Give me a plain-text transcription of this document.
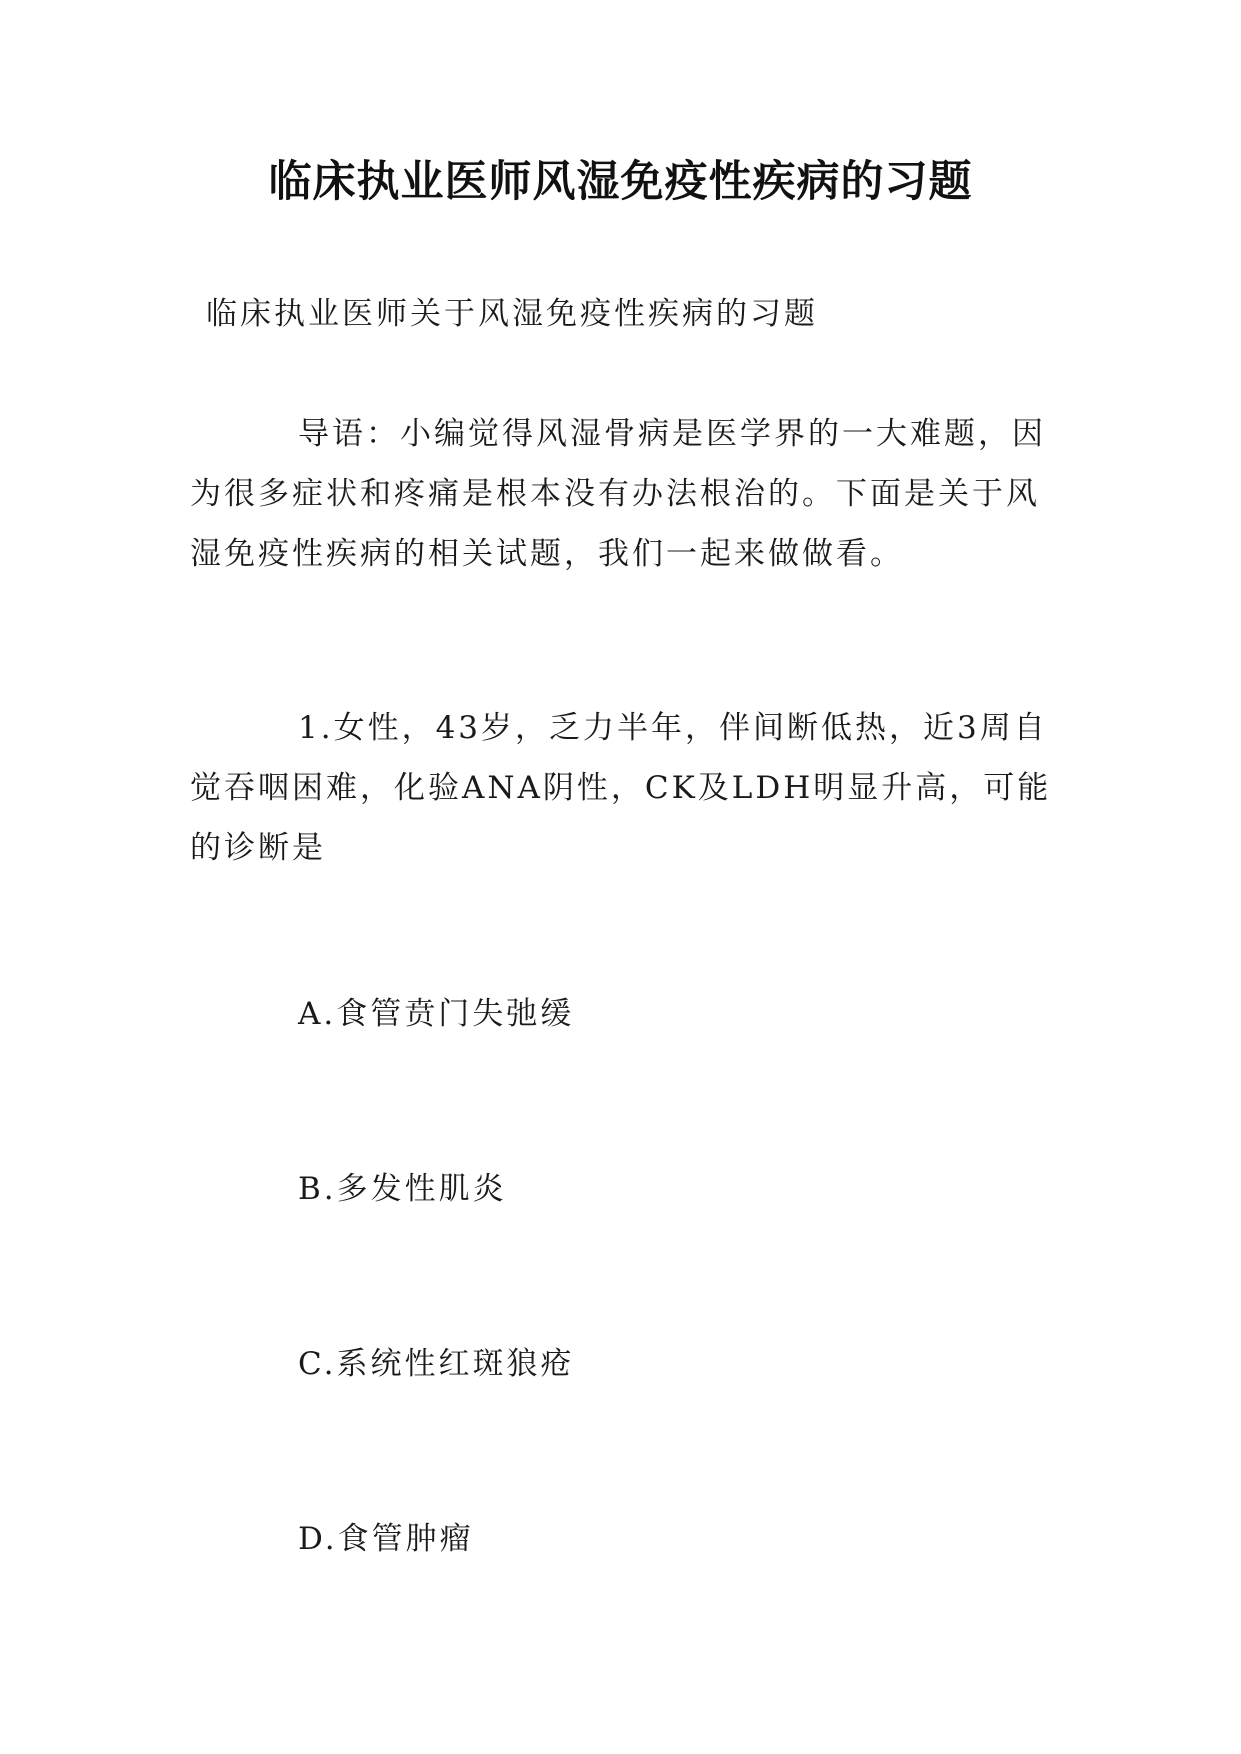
临床执业医师风湿免疫性疾病的习题
临床执业医师关于风湿免疫性疾病的习题
导语：小编觉得风湿骨病是医学界的一大难题，因为很多症状和疼痛是根本没有办法根治的。下面是关于风湿免疫性疾病的相关试题，我们一起来做做看。
1.女性，43岁，乏力半年，伴间断低热，近3周自觉吞咽困难，化验ANA阴性，CK及LDH明显升高，可能的诊断是
A.食管贲门失弛缓
B.多发性肌炎
C.系统性红斑狼疮
D.食管肿瘤
